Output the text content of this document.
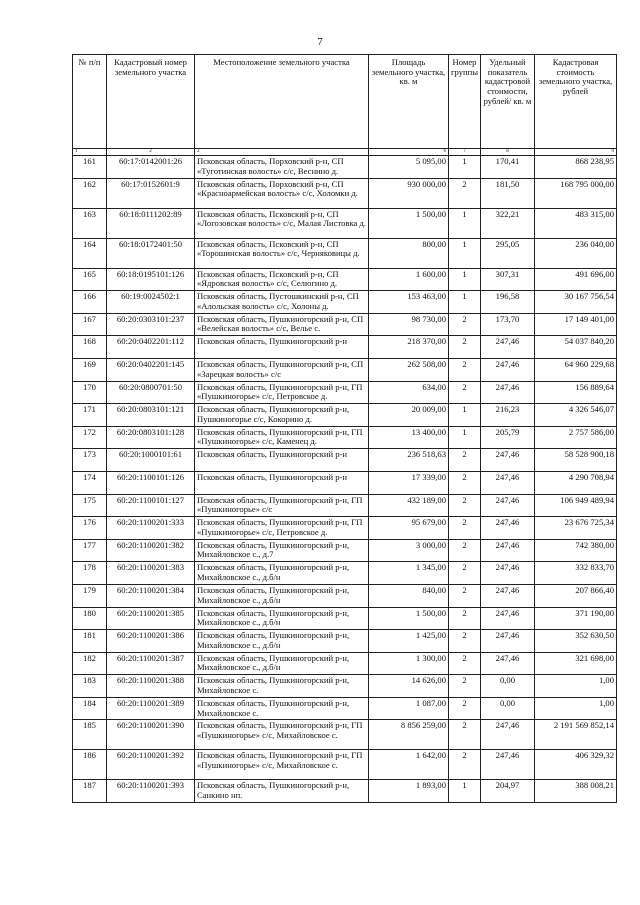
7
№ п/п	Кадастровый номер земельного участка	Местоположение земельного участка	Площадь земельного участка, кв. м	Номер группы	Удельный показатель кадастровой стоимости, рублей/ кв. м	Кадастровая стоимость земельного участка, рублей
1	2	3	6	7	8	9
161	60:17:0142001:26	Псковская область, Порховский р-н, СП «Туготинская волость» с/с, Веснино д.	5 095,00	1	170,41	868 238,95
162	60:17:0152601:9	Псковская область, Порховский р-н, СП «Красноармейская волость» с/с, Холомки д.	930 000,00	2	181,50	168 795 000,00
163	60:18:0111202:89	Псковская область, Псковский р-н, СП «Логозовская волость» с/с, Малая Листовка д.	1 500,00	1	322,21	483 315,00
164	60:18:0172401:50	Псковская область, Псковский р-н, СП «Торошинская волость» с/с, Черняковицы д.	800,00	1	295,05	236 040,00
165	60:18:0195101:126	Псковская область, Псковский р-н, СП «Ядровская волость» с/с, Селюгино д.	1 600,00	1	307,31	491 696,00
166	60:19:0024502:1	Псковская область, Пустошкинский р-н, СП «Алольская волость» с/с, Холоны д.	153 463,00	1	196,58	30 167 756,54
167	60:20:0303101:237	Псковская область, Пушкиногорский р-н, СП «Велейская волость» с/с, Велье с.	98 730,00	2	173,70	17 149 401,00
168	60:20:0402201:112	Псковская область, Пушкиногорский р-н	218 370,00	2	247,46	54 037 840,20
169	60:20:0402201:145	Псковская область, Пушкиногорский р-н, СП «Зарецкая волость» с/с	262 508,00	2	247,46	64 960 229,68
170	60:20:0800701:50	Псковская область, Пушкиногорский р-н, ГП «Пушкиногорье» с/с, Петровское д.	634,00	2	247,46	156 889,64
171	60:20:0803101:121	Псковская область, Пушкиногорский р-н, Пушкиногорье с/с, Кокорино д.	20 009,00	1	216,23	4 326 546,07
172	60:20:0803101:128	Псковская область, Пушкиногорский р-н, ГП «Пушкиногорье» с/с, Каменец д.	13 400,00	1	205,79	2 757 586,00
173	60:20:1000101:61	Псковская область, Пушкиногорский р-н	236 518,63	2	247,46	58 528 900,18
174	60:20:1100101:126	Псковская область, Пушкиногорский р-н	17 339,00	2	247,46	4 290 708,94
175	60:20:1100101:127	Псковская область, Пушкиногорский р-н, ГП «Пушкиногорье» с/с	432 189,00	2	247,46	106 949 489,94
176	60:20:1100201:333	Псковская область, Пушкиногорский р-н, ГП «Пушкиногорье» с/с, Петровское д.	95 679,00	2	247,46	23 676 725,34
177	60:20:1100201:382	Псковская область, Пушкиногорский р-н, Михайловское с., д.7	3 000,00	2	247,46	742 380,00
178	60:20:1100201:383	Псковская область, Пушкиногорский р-н, Михайловское с., д.б/н	1 345,00	2	247,46	332 833,70
179	60:20:1100201:384	Псковская область, Пушкиногорский р-н, Михайловское с., д.б/н	840,00	2	247,46	207 866,40
180	60:20:1100201:385	Псковская область, Пушкиногорский р-н, Михайловское с., д.б/н	1 500,00	2	247,46	371 190,00
181	60:20:1100201:386	Псковская область, Пушкиногорский р-н, Михайловское с., д.б/н	1 425,00	2	247,46	352 630,50
182	60:20:1100201:387	Псковская область, Пушкиногорский р-н, Михайловское с., д.б/н	1 300,00	2	247,46	321 698,00
183	60:20:1100201:388	Псковская область, Пушкиногорский р-н, Михайловское с.	14 626,00	2	0,00	1,00
184	60:20:1100201:389	Псковская область, Пушкиногорский р-н, Михайловское с.	1 087,00	2	0,00	1,00
185	60:20:1100201:390	Псковская область, Пушкиногорский р-н, ГП «Пушкиногорье» с/с, Михайловское с.	8 856 259,00	2	247,46	2 191 569 852,14
186	60:20:1100201:392	Псковская область, Пушкиногорский р-н, ГП «Пушкиногорье» с/с, Михайловское с.	1 642,00	2	247,46	406 329,32
187	60:20:1100201:393	Псковская область, Пушкиногорский р-н, Санкино нп.	1 893,00	1	204,97	388 008,21
